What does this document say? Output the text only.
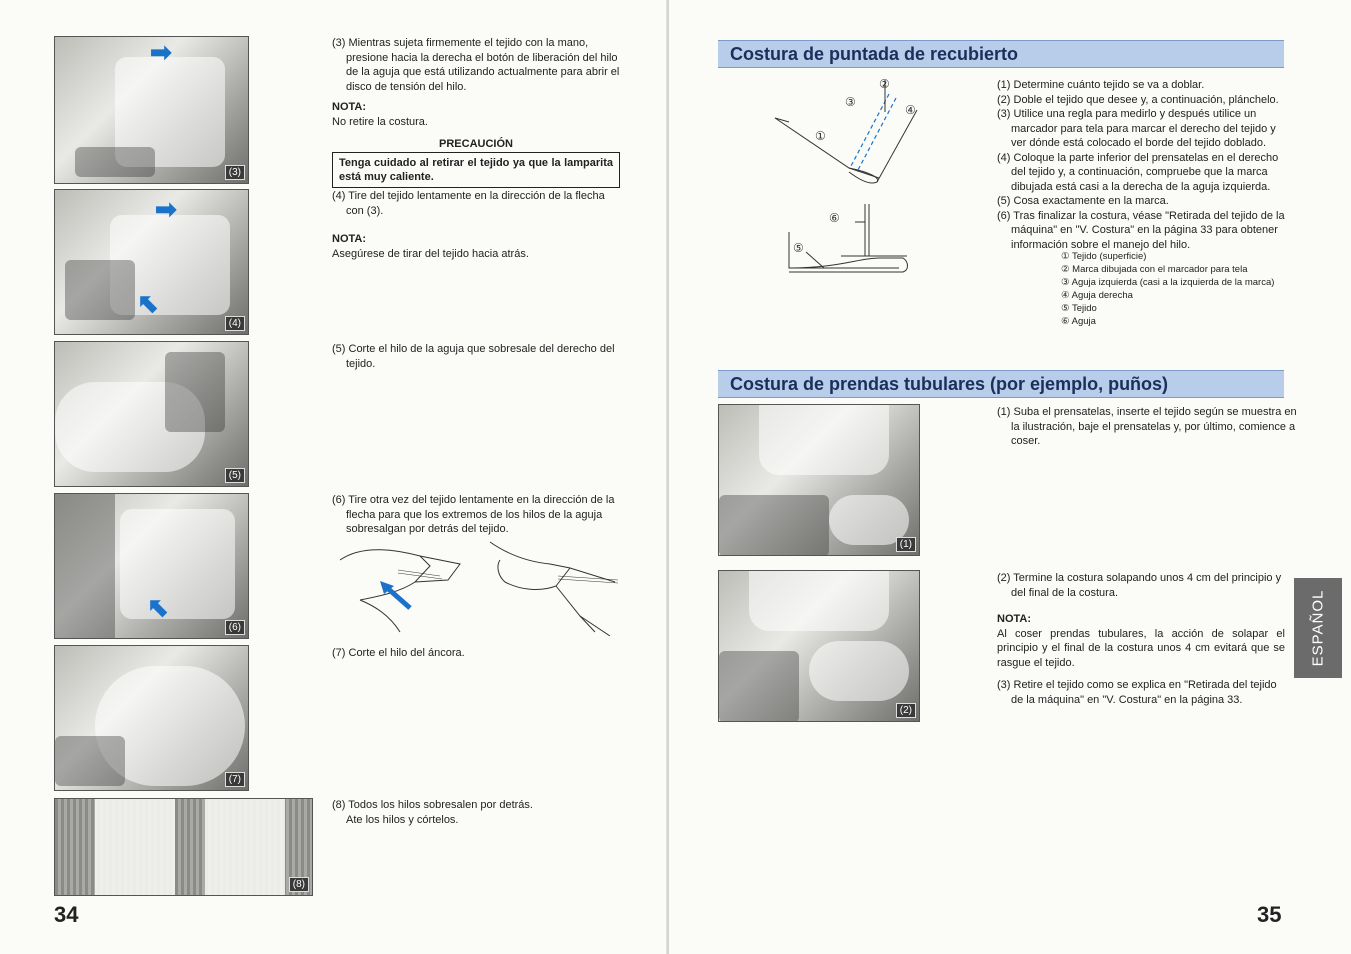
➡
(3)
➡
⬉
(4)
(5)
⬉
(6)
(7)
(8)
(3) Mientras sujeta firmemente el tejido con la mano, presione hacia la derecha el botón de liberación del hilo de la aguja que está utilizando actualmente para abrir el disco de tensión del hilo.
NOTA:
No retire la costura.
PRECAUCIÓN
Tenga cuidado al retirar el tejido ya que la lamparita está muy caliente.
(4) Tire del tejido lentamente en la dirección de la flecha con (3).
NOTA:
Asegúrese de tirar del tejido hacia atrás.
(5) Corte el hilo de la aguja que sobresale del derecho del tejido.
(6) Tire otra vez del tejido lentamente en la dirección de la flecha para que los extremos de los hilos de la aguja sobresalgan por detrás del tejido.
(7) Corte el hilo del áncora.
(8) Todos los hilos sobresalen por detrás.
Ate los hilos y córtelos.
34
Costura de puntada de recubierto
①
②
③
④
⑤
⑥
(1) Determine cuánto tejido se va a doblar.
(2) Doble el tejido que desee y, a continuación, plánchelo.
(3) Utilice una regla para medirlo y después utilice un marcador para tela para marcar el derecho del tejido y ver dónde está colocado el borde del tejido doblado.
(4) Coloque la parte inferior del prensatelas en el derecho del tejido y, a continuación, compruebe que la marca dibujada está casi a la derecha de la aguja izquierda.
(5) Cosa exactamente en la marca.
(6) Tras finalizar la costura, véase "Retirada del tejido de la máquina" en "V. Costura" en la página 33 para obtener información sobre el manejo del hilo.
① Tejido (superficie)
② Marca dibujada con el marcador para tela
③ Aguja izquierda (casi a la izquierda de la marca)
④ Aguja derecha
⑤ Tejido
⑥ Aguja
Costura de prendas tubulares (por ejemplo, puños)
(1)
(2)
(1) Suba el prensatelas, inserte el tejido según se muestra en la ilustración, baje el prensatelas y, por último, comience a coser.
(2) Termine la costura solapando unos 4 cm del principio y del final de la costura.
NOTA:
Al coser prendas tubulares, la acción de solapar el principio y el final de la costura unos 4 cm evitará que se rasgue el tejido.
(3) Retire el tejido como se explica en "Retirada del tejido de la máquina" en "V. Costura" en la página 33.
ESPAÑOL
35
